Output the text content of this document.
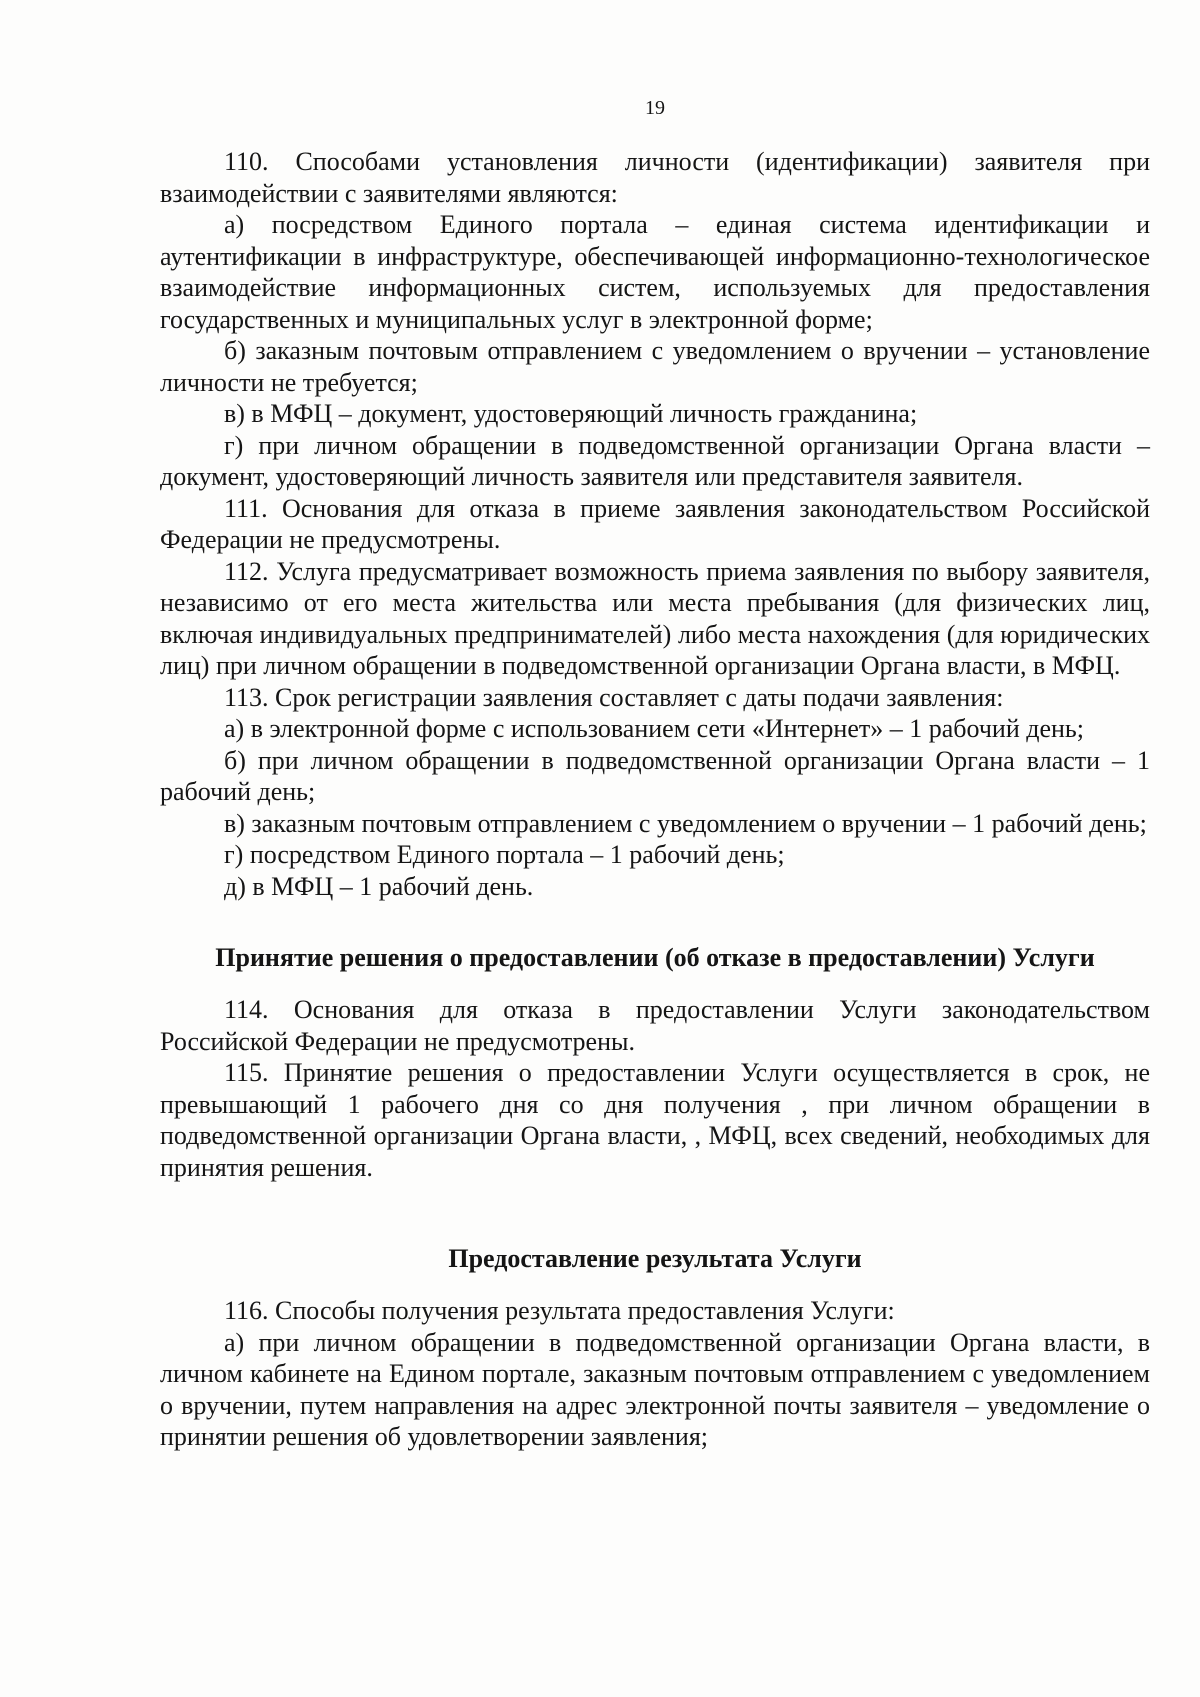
19

110. Способами установления личности (идентификации) заявителя при взаимодействии с заявителями являются:

а) посредством Единого портала – единая система идентификации и аутентификации в инфраструктуре, обеспечивающей информационно-технологическое взаимодействие информационных систем, используемых для предоставления государственных и муниципальных услуг в электронной форме;

б) заказным почтовым отправлением с уведомлением о вручении – установление личности не требуется;

в) в МФЦ – документ, удостоверяющий личность гражданина;

г) при личном обращении в подведомственной организации Органа власти – документ, удостоверяющий личность заявителя или представителя заявителя.

111. Основания для отказа в приеме заявления законодательством Российской Федерации не предусмотрены.

112. Услуга предусматривает возможность приема заявления по выбору заявителя, независимо от его места жительства или места пребывания (для физических лиц, включая индивидуальных предпринимателей) либо места нахождения (для юридических лиц) при личном обращении в подведомственной организации Органа власти, в МФЦ.

113. Срок регистрации заявления составляет с даты подачи заявления:

а) в электронной форме с использованием сети «Интернет» – 1 рабочий день;

б) при личном обращении в подведомственной организации Органа власти – 1 рабочий день;

в) заказным почтовым отправлением с уведомлением о вручении – 1 рабочий день;

г) посредством Единого портала – 1 рабочий день;

д) в МФЦ – 1 рабочий день.

Принятие решения о предоставлении (об отказе в предоставлении) Услуги

114. Основания для отказа в предоставлении Услуги законодательством Российской Федерации не предусмотрены.

115. Принятие решения о предоставлении Услуги осуществляется в срок, не превышающий 1 рабочего дня со дня получения , при личном обращении в подведомственной организации Органа власти, , МФЦ, всех сведений, необходимых для принятия решения.

Предоставление результата Услуги

116. Способы получения результата предоставления Услуги:

а) при личном обращении в подведомственной организации Органа власти, в личном кабинете на Едином портале, заказным почтовым отправлением с уведомлением о вручении, путем направления на адрес электронной почты заявителя – уведомление о принятии решения об удовлетворении заявления;
